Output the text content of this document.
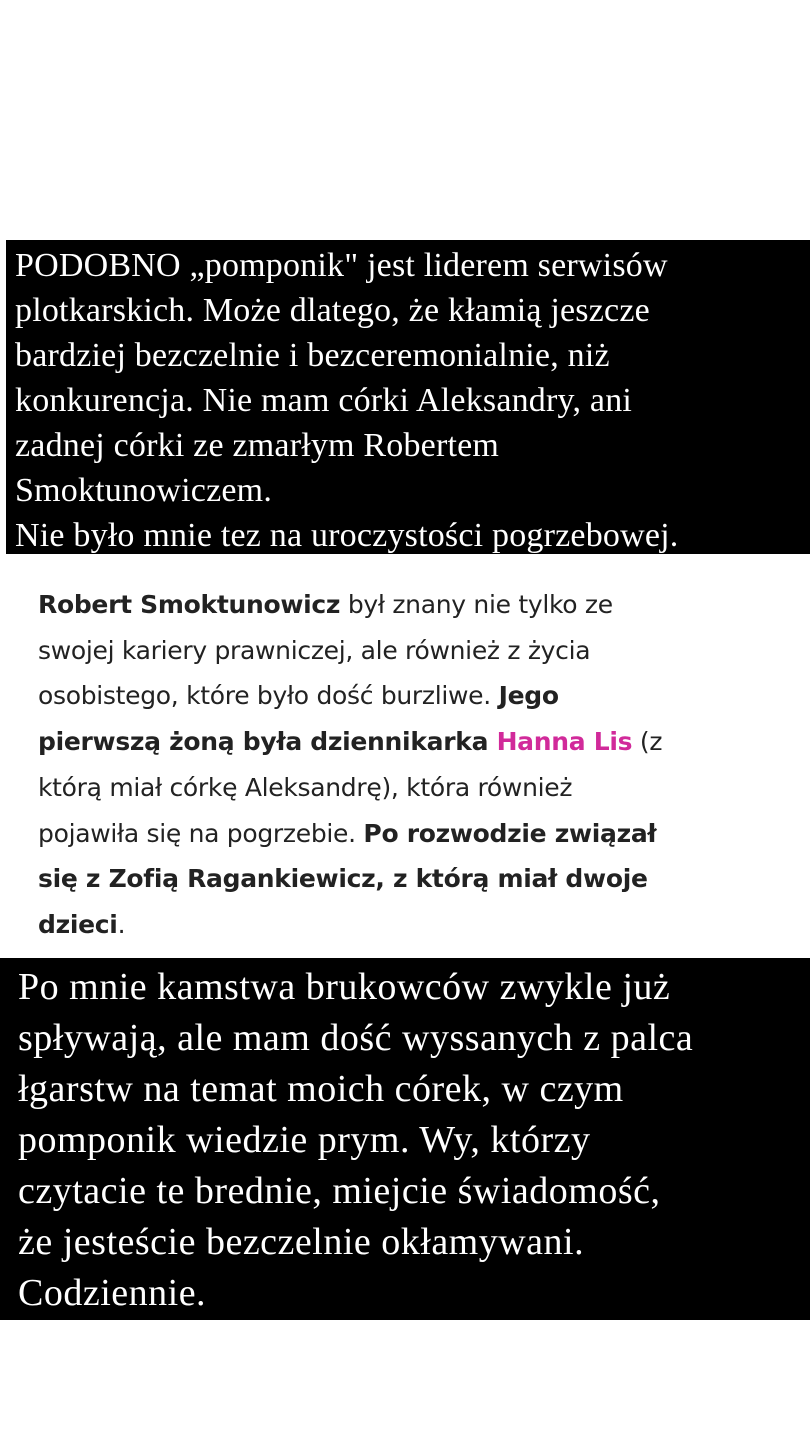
PODOBNO „pomponik" jest liderem serwisów
plotkarskich. Może dlatego, że kłamią jeszcze
bardziej bezczelnie i bezceremonialnie, niż
konkurencja. Nie mam córki Aleksandry, ani
zadnej córki ze zmarłym Robertem
Smoktunowiczem.
Nie było mnie tez na uroczystości pogrzebowej.
Robert Smoktunowicz był znany nie tylko ze
swojej kariery prawniczej, ale również z życia
osobistego, które było dość burzliwe. Jego
pierwszą żoną była dziennikarka Hanna Lis (z
którą miał córkę Aleksandrę), która również
pojawiła się na pogrzebie. Po rozwodzie związał
się z Zofią Ragankiewicz, z którą miał dwoje
dzieci.
Po mnie kamstwa brukowców zwykle już
spływają, ale mam dość wyssanych z palca
łgarstw na temat moich córek, w czym
pomponik wiedzie prym. Wy, którzy
czytacie te brednie, miejcie świadomość,
że jesteście bezczelnie okłamywani.
Codziennie.
